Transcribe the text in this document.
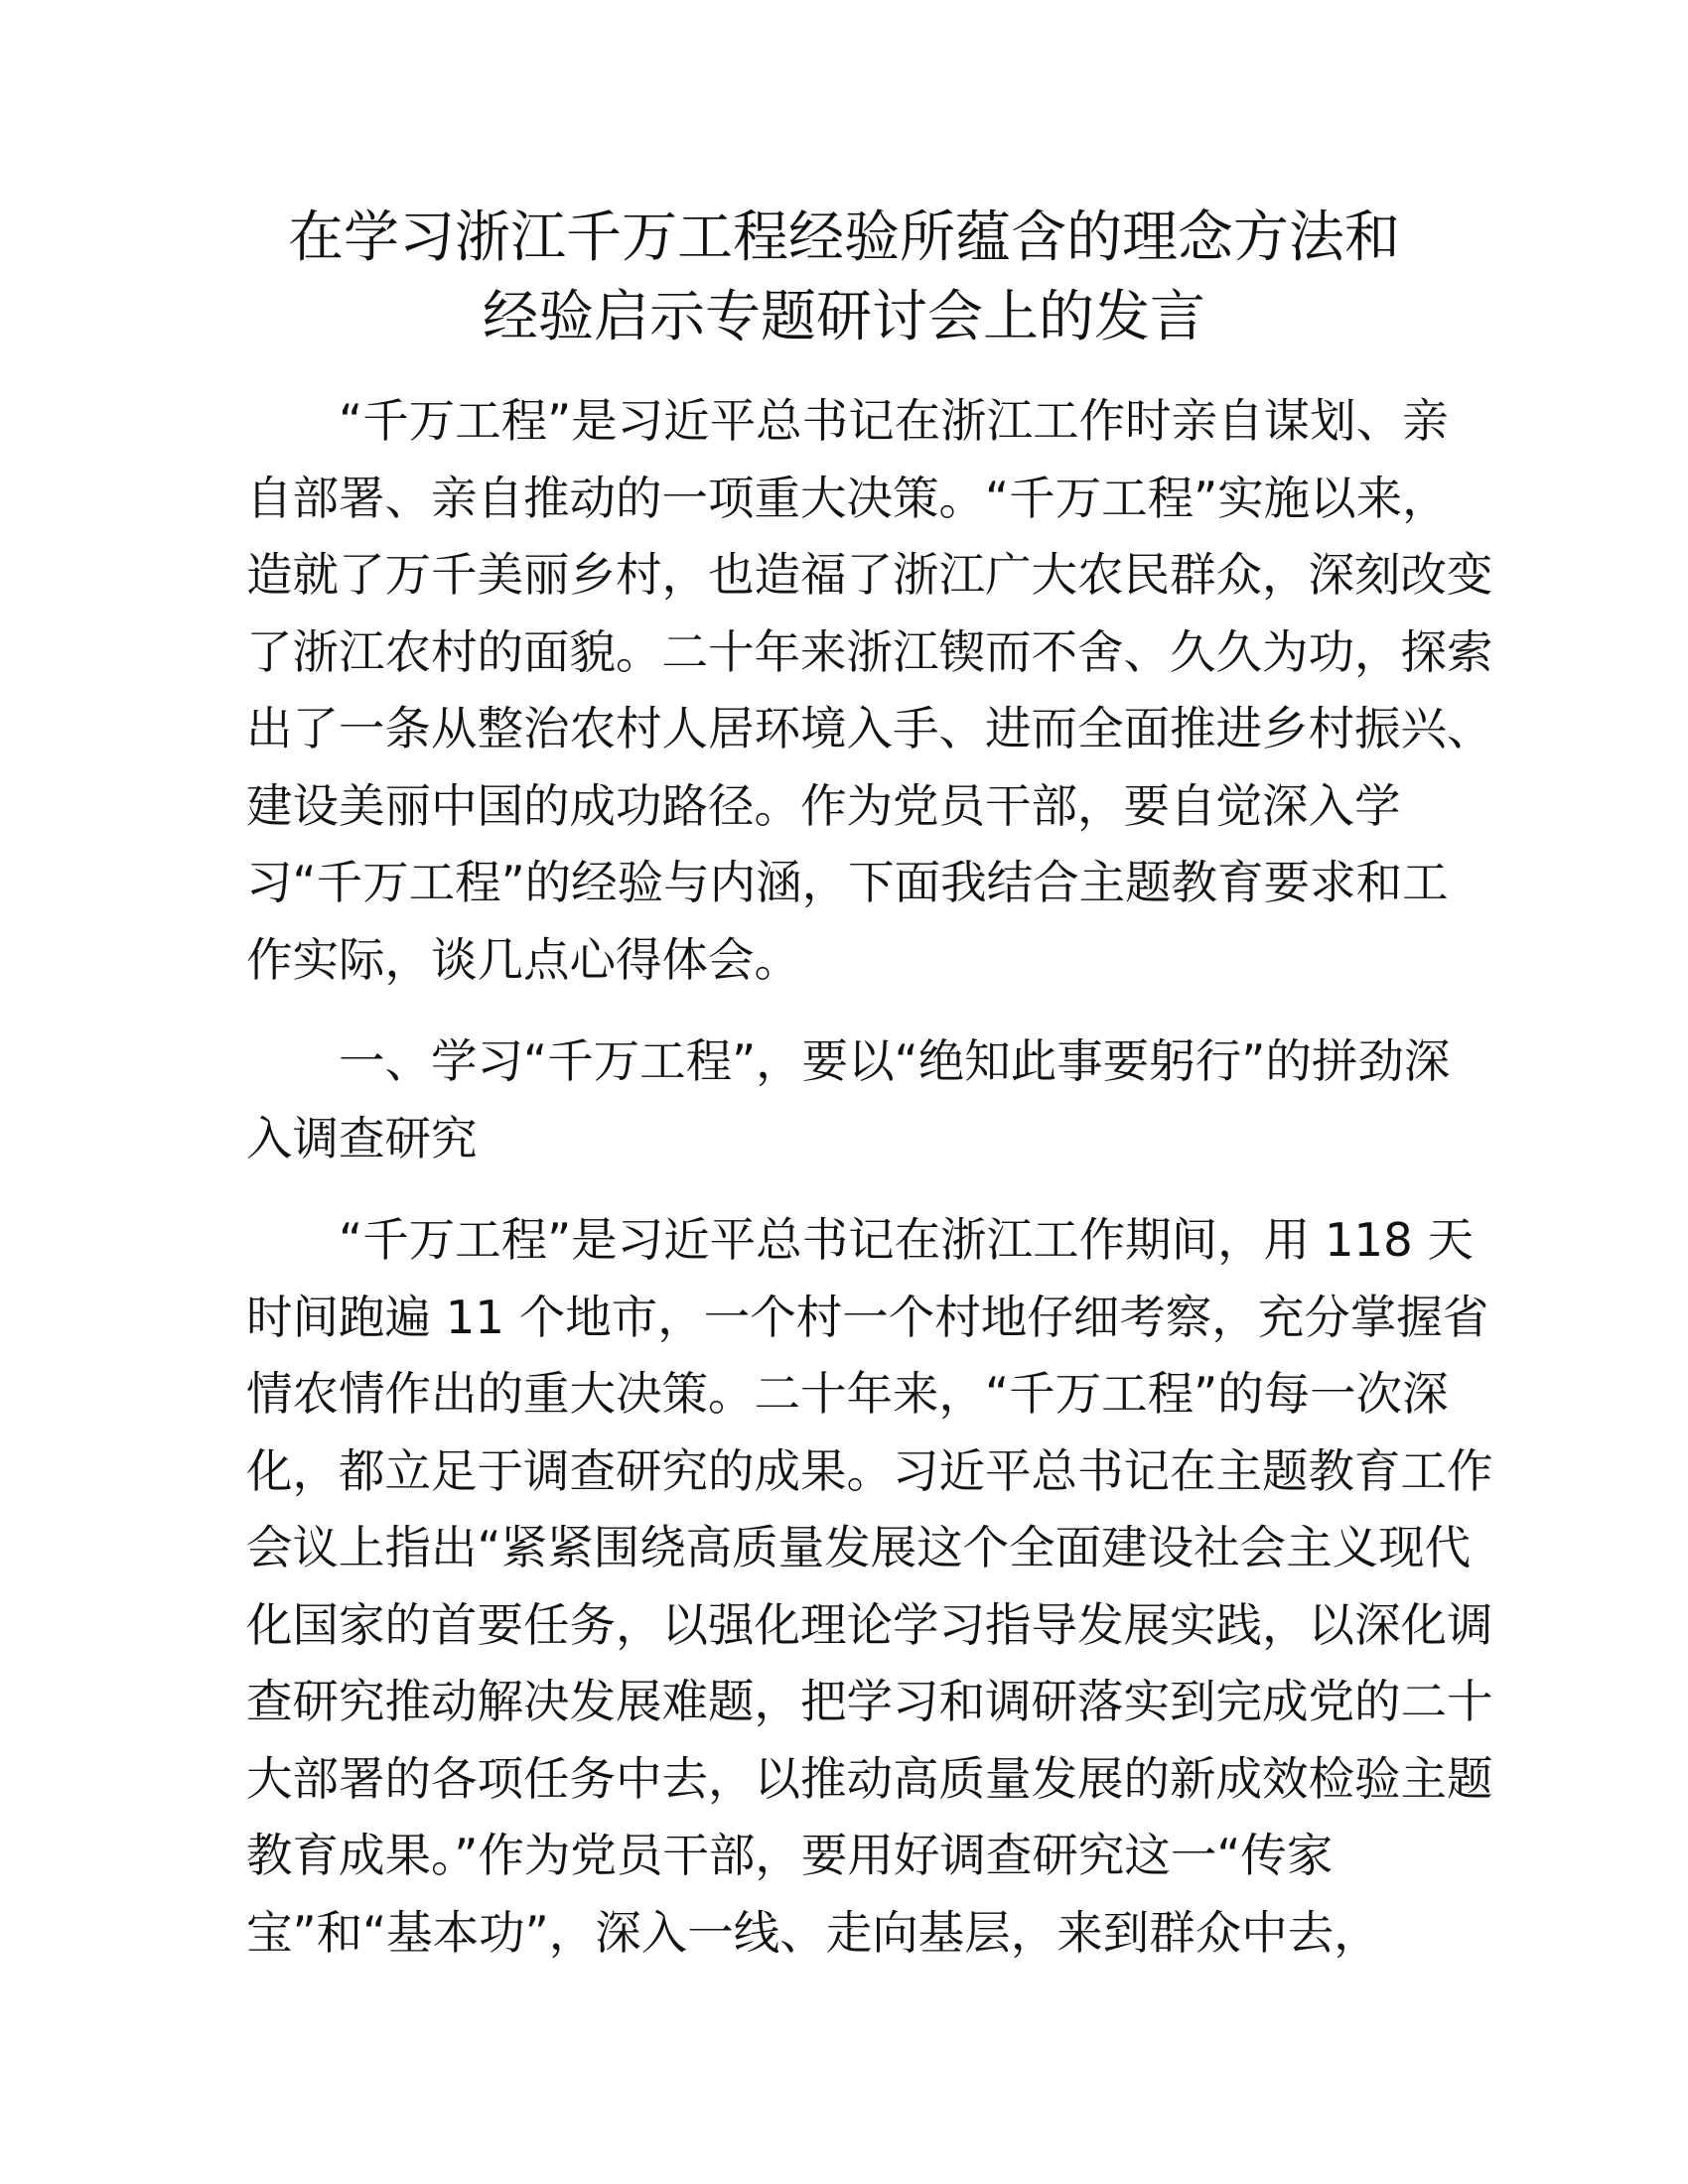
在学习浙江千万工程经验所蕴含的理念方法和
经验启示专题研讨会上的发言

“千万工程”是习近平总书记在浙江工作时亲自谋划、亲
自部署、亲自推动的一项重大决策。“千万工程”实施以来，
造就了万千美丽乡村，也造福了浙江广大农民群众，深刻改变
了浙江农村的面貌。二十年来浙江锲而不舍、久久为功，探索
出了一条从整治农村人居环境入手、进而全面推进乡村振兴、
建设美丽中国的成功路径。作为党员干部，要自觉深入学
习“千万工程”的经验与内涵，下面我结合主题教育要求和工
作实际，谈几点心得体会。

一、学习“千万工程”，要以“绝知此事要躬行”的拼劲深
入调查研究

“千万工程”是习近平总书记在浙江工作期间，用 118 天
时间跑遍 11 个地市，一个村一个村地仔细考察，充分掌握省
情农情作出的重大决策。二十年来，“千万工程”的每一次深
化，都立足于调查研究的成果。习近平总书记在主题教育工作
会议上指出“紧紧围绕高质量发展这个全面建设社会主义现代
化国家的首要任务，以强化理论学习指导发展实践，以深化调
查研究推动解决发展难题，把学习和调研落实到完成党的二十
大部署的各项任务中去，以推动高质量发展的新成效检验主题
教育成果。”作为党员干部，要用好调查研究这一“传家
宝”和“基本功”，深入一线、走向基层，来到群众中去，
